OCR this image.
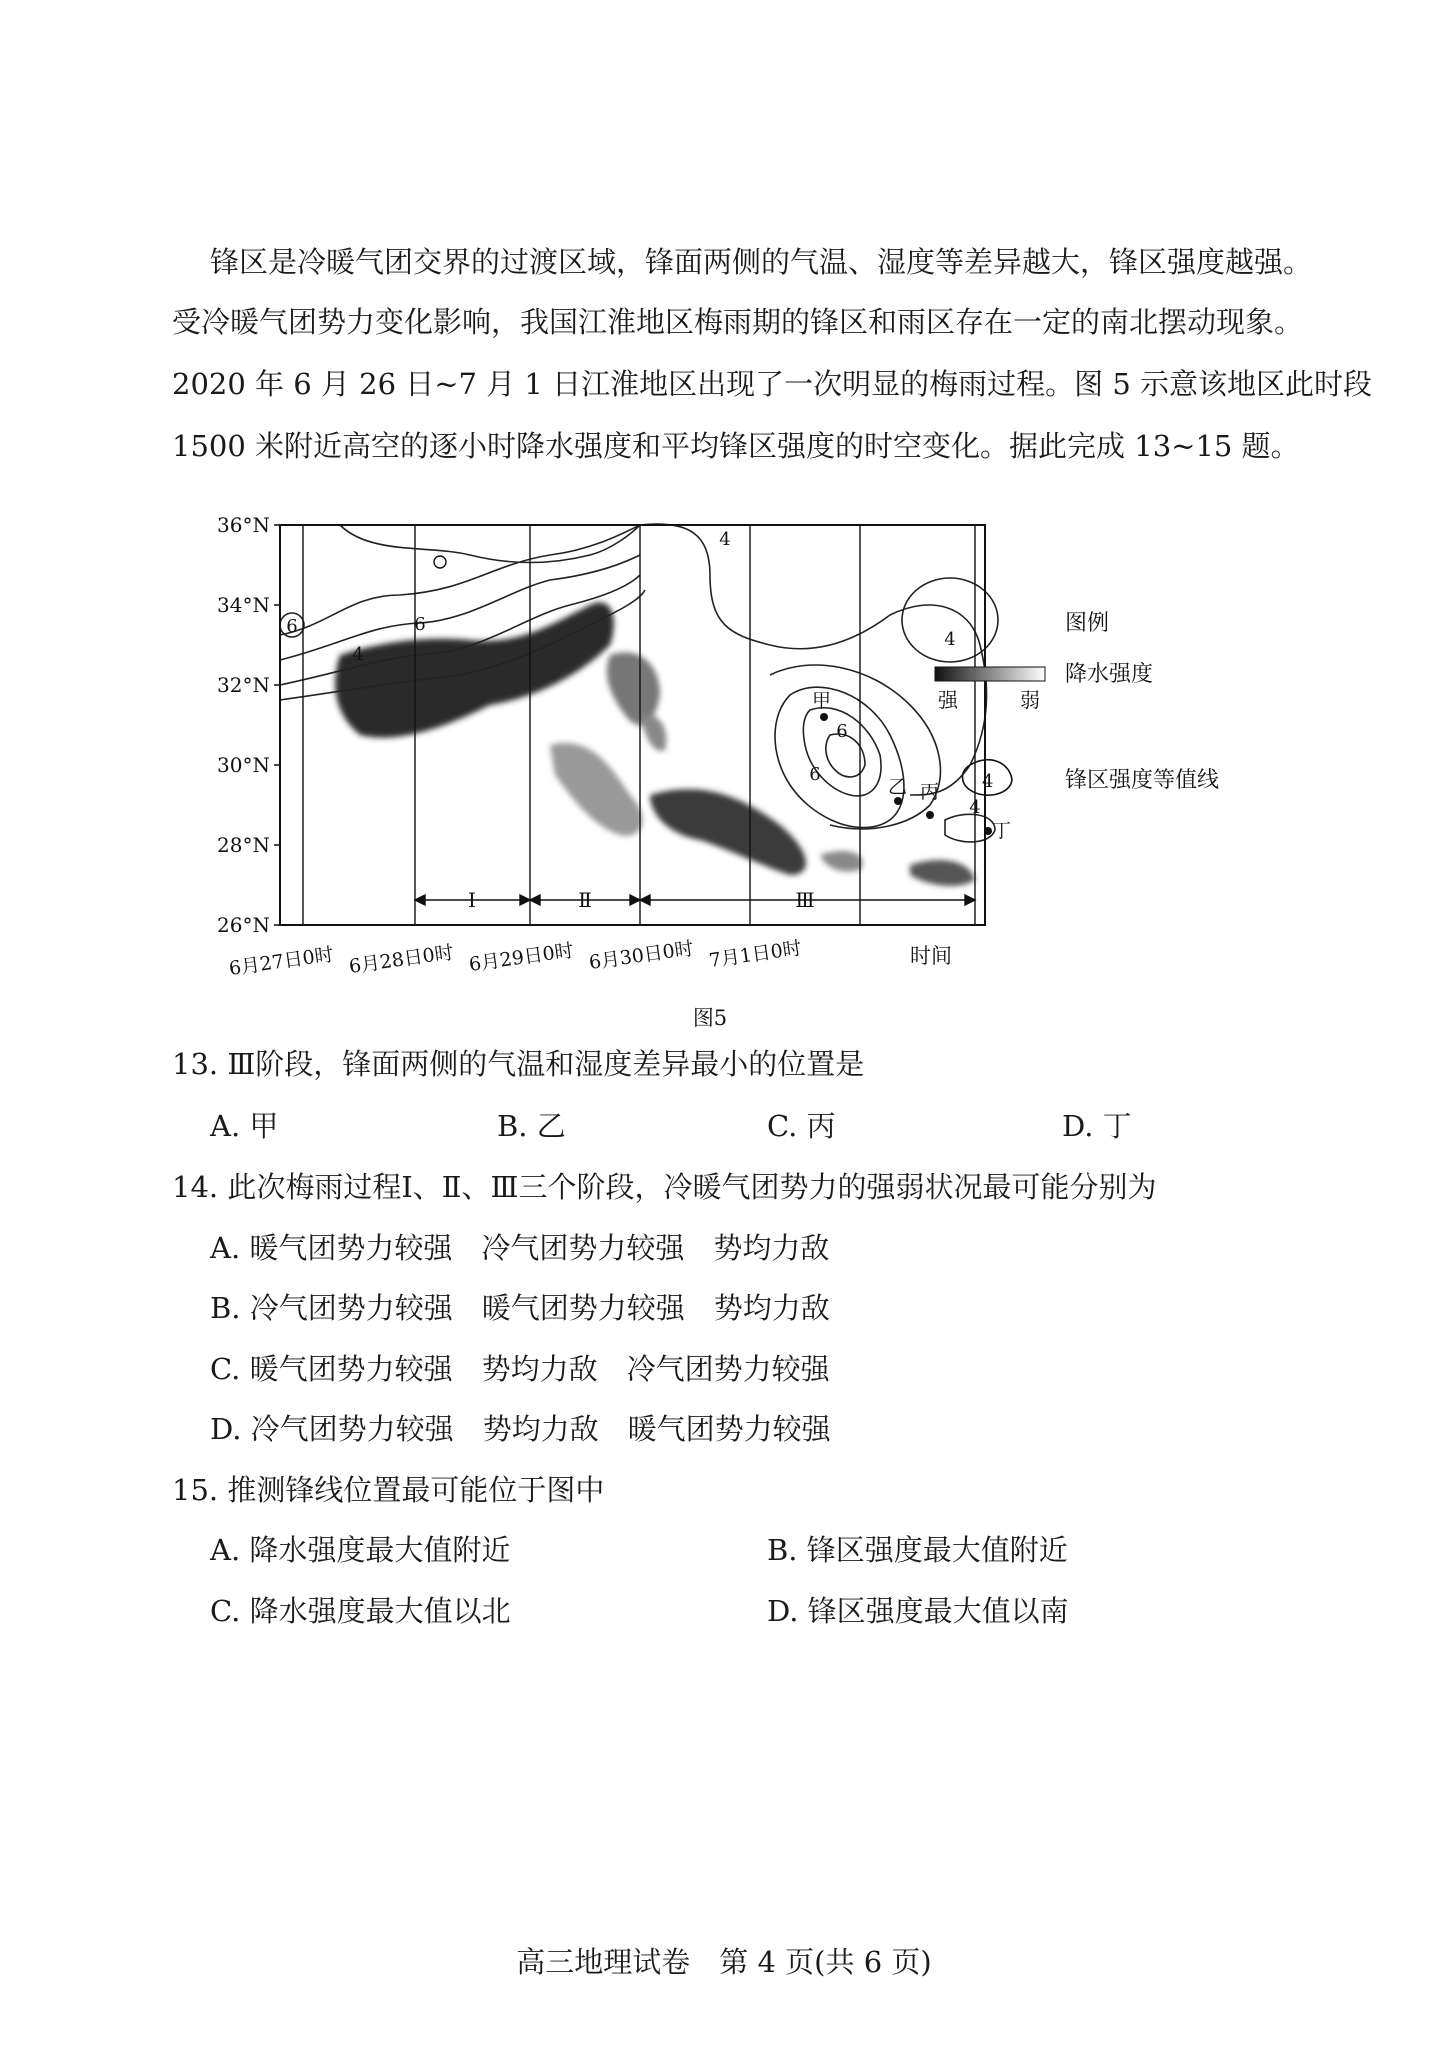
锋区是冷暖气团交界的过渡区域，锋面两侧的气温、湿度等差异越大，锋区强度越强。
受冷暖气团势力变化影响，我国江淮地区梅雨期的锋区和雨区存在一定的南北摆动现象。
2020 年 6 月 26 日~7 月 1 日江淮地区出现了一次明显的梅雨过程。图 5 示意该地区此时段
1500 米附近高空的逐小时降水强度和平均锋区强度的时空变化。据此完成 13~15 题。
36°N
34°N
32°N
30°N
28°N
26°N
6月27日0时 6月28日0时 6月29日0时 6月30日0时 7月1日0时	时间
Ⅰ	Ⅱ	Ⅲ
6	6
4
6
4
4
6
4
甲
乙 丙
丁
图例
降水强度
强	弱
4	锋区强度等值线
图5
13. Ⅲ阶段，锋面两侧的气温和湿度差异最小的位置是
A. 甲	B. 乙	C. 丙	D. 丁
14. 此次梅雨过程Ⅰ、Ⅱ、Ⅲ三个阶段，冷暖气团势力的强弱状况最可能分别为
A. 暖气团势力较强　冷气团势力较强　势均力敌
B. 冷气团势力较强　暖气团势力较强　势均力敌
C. 暖气团势力较强　势均力敌　冷气团势力较强
D. 冷气团势力较强　势均力敌　暖气团势力较强
15. 推测锋线位置最可能位于图中
A. 降水强度最大值附近	B. 锋区强度最大值附近
C. 降水强度最大值以北	D. 锋区强度最大值以南
高三地理试卷　第 4 页(共 6 页)
